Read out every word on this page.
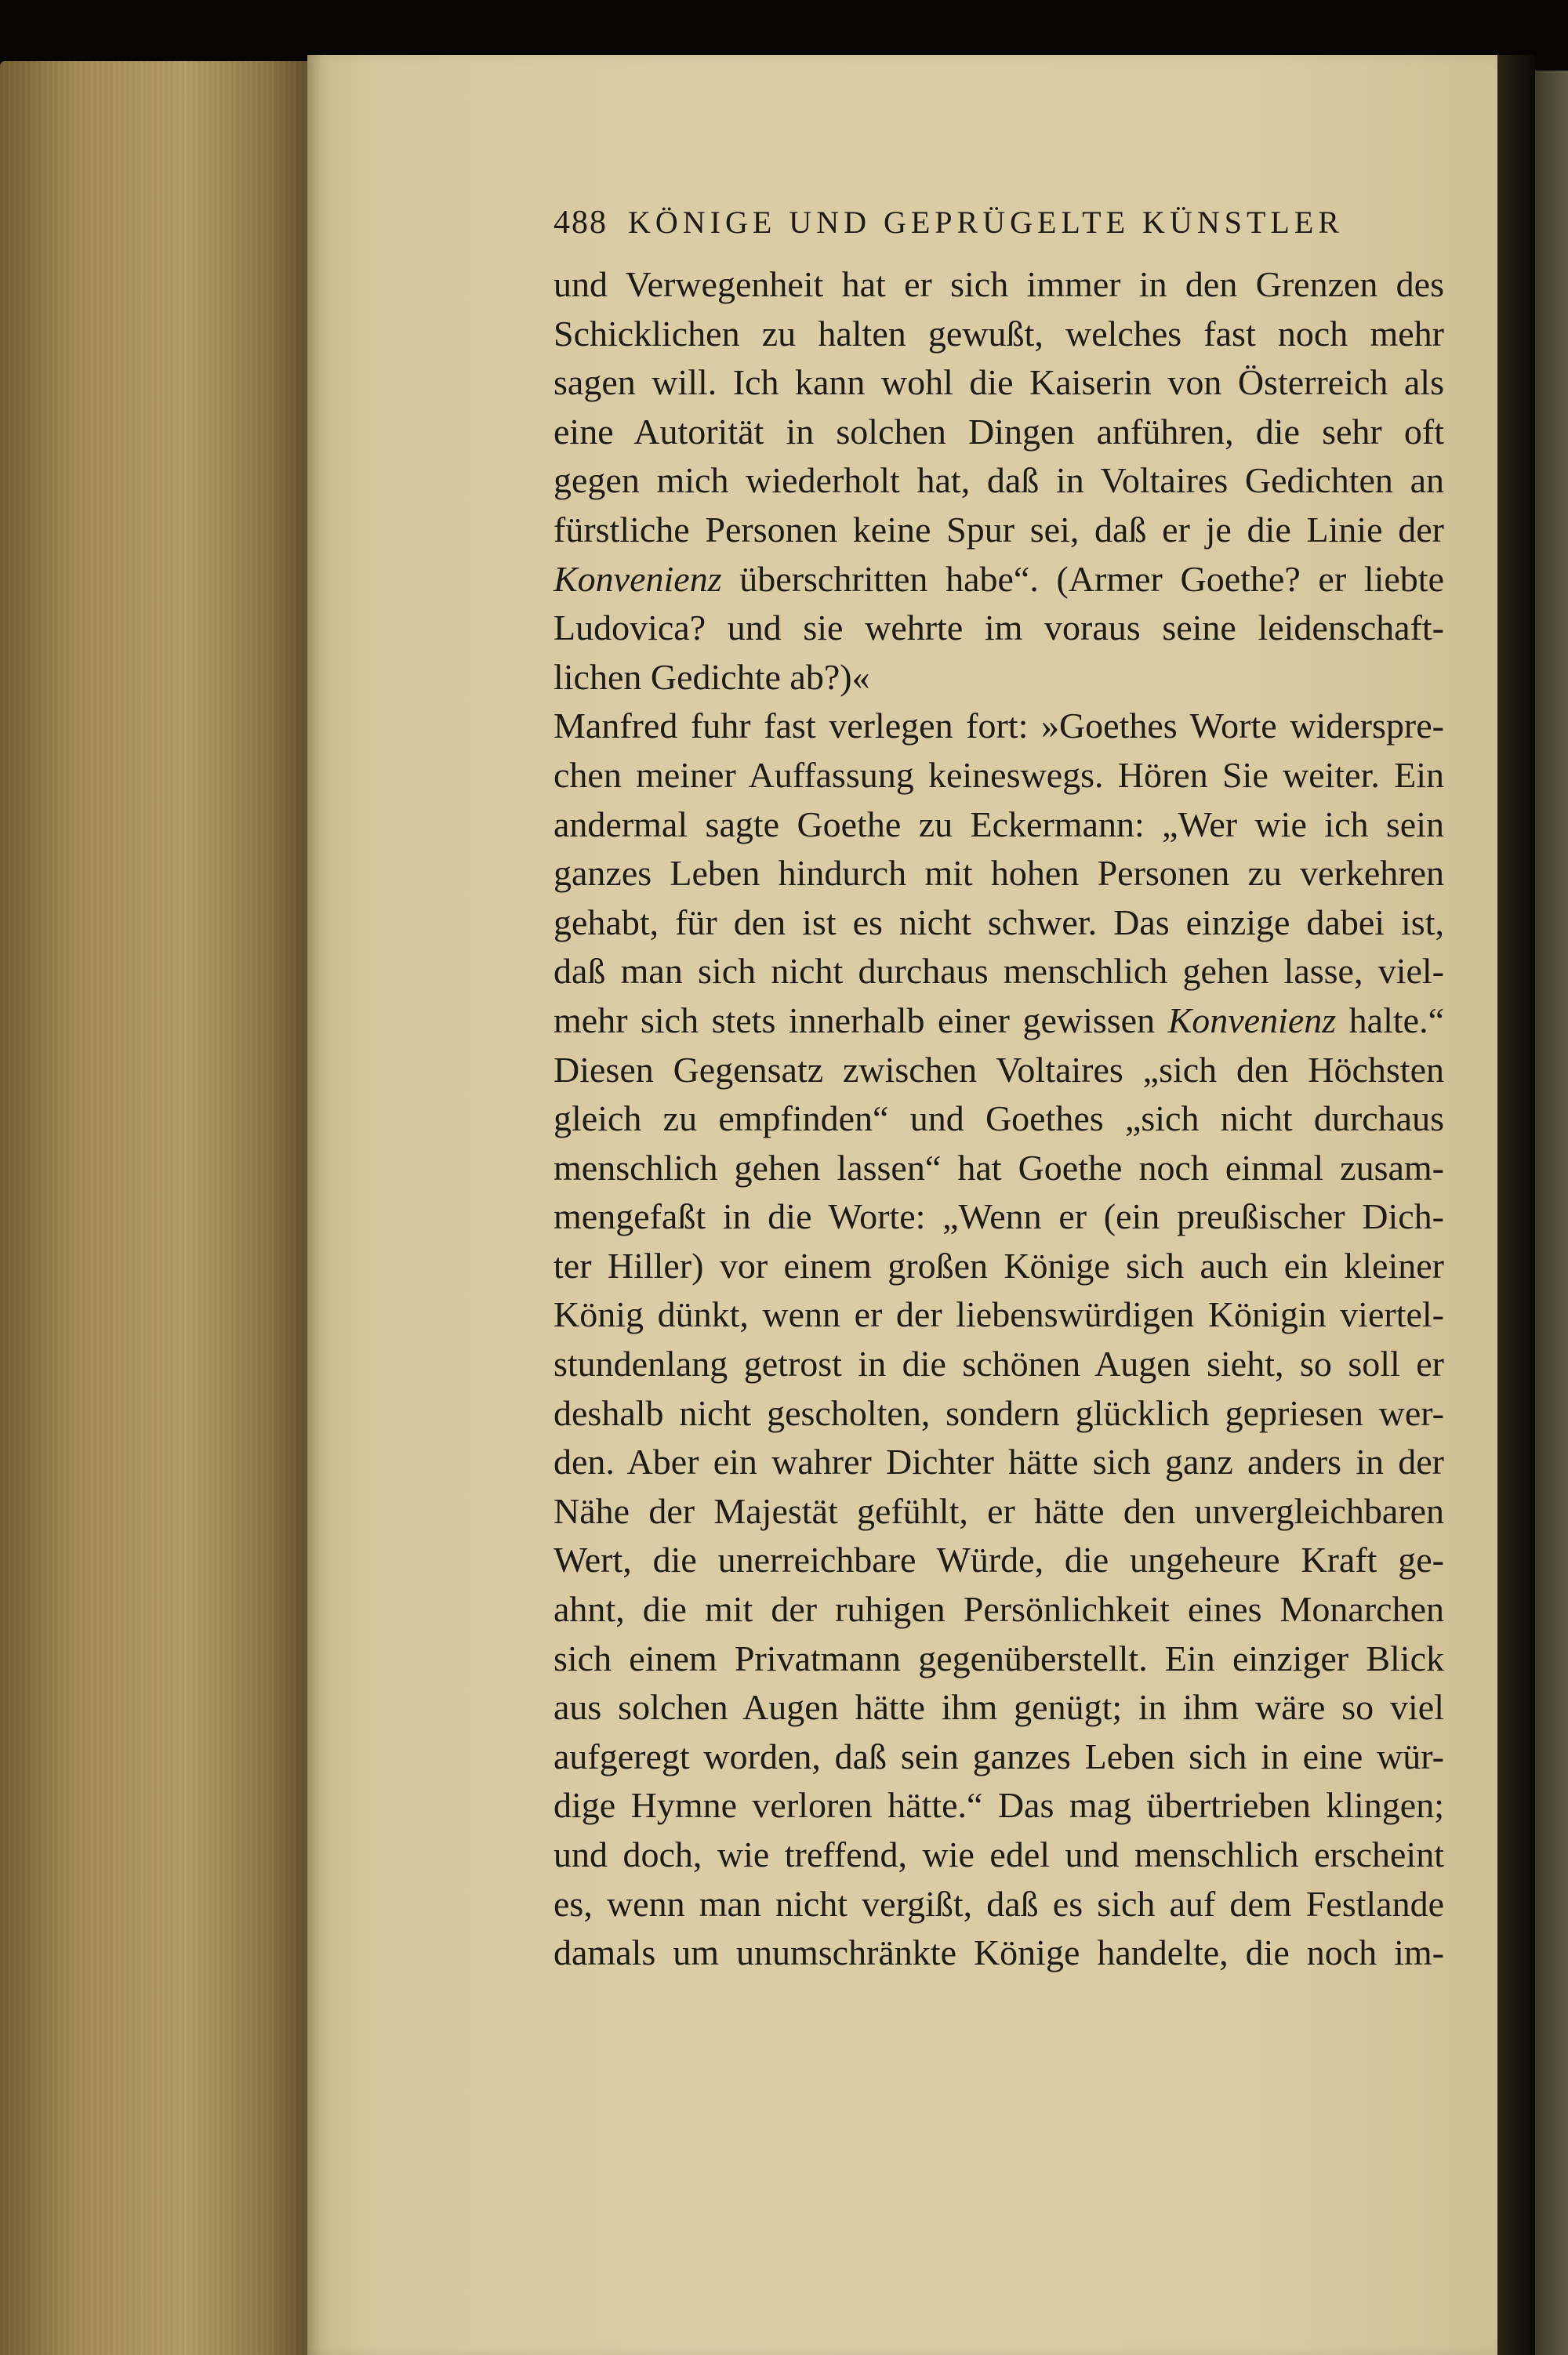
488 KÖNIGE UND GEPRÜGELTE KÜNSTLER
und Verwegenheit hat er sich immer in den Grenzen des
Schicklichen zu halten gewußt, welches fast noch mehr
sagen will. Ich kann wohl die Kaiserin von Österreich als
eine Autorität in solchen Dingen anführen, die sehr oft
gegen mich wiederholt hat, daß in Voltaires Gedichten an
fürstliche Personen keine Spur sei, daß er je die Linie der
Konvenienz überschritten habe“. (Armer Goethe? er liebte
Ludovica? und sie wehrte im voraus seine leidenschaft-
lichen Gedichte ab?)«
Manfred fuhr fast verlegen fort: »Goethes Worte widerspre-
chen meiner Auffassung keineswegs. Hören Sie weiter. Ein
andermal sagte Goethe zu Eckermann: „Wer wie ich sein
ganzes Leben hindurch mit hohen Personen zu verkehren
gehabt, für den ist es nicht schwer. Das einzige dabei ist,
daß man sich nicht durchaus menschlich gehen lasse, viel-
mehr sich stets innerhalb einer gewissen Konvenienz halte.“
Diesen Gegensatz zwischen Voltaires „sich den Höchsten
gleich zu empfinden“ und Goethes „sich nicht durchaus
menschlich gehen lassen“ hat Goethe noch einmal zusam-
mengefaßt in die Worte: „Wenn er (ein preußischer Dich-
ter Hiller) vor einem großen Könige sich auch ein kleiner
König dünkt, wenn er der liebenswürdigen Königin viertel-
stundenlang getrost in die schönen Augen sieht, so soll er
deshalb nicht gescholten, sondern glücklich gepriesen wer-
den. Aber ein wahrer Dichter hätte sich ganz anders in der
Nähe der Majestät gefühlt, er hätte den unvergleichbaren
Wert, die unerreichbare Würde, die ungeheure Kraft ge-
ahnt, die mit der ruhigen Persönlichkeit eines Monarchen
sich einem Privatmann gegenüberstellt. Ein einziger Blick
aus solchen Augen hätte ihm genügt; in ihm wäre so viel
aufgeregt worden, daß sein ganzes Leben sich in eine wür-
dige Hymne verloren hätte.“ Das mag übertrieben klingen;
und doch, wie treffend, wie edel und menschlich erscheint
es, wenn man nicht vergißt, daß es sich auf dem Festlande
damals um unumschränkte Könige handelte, die noch im-
